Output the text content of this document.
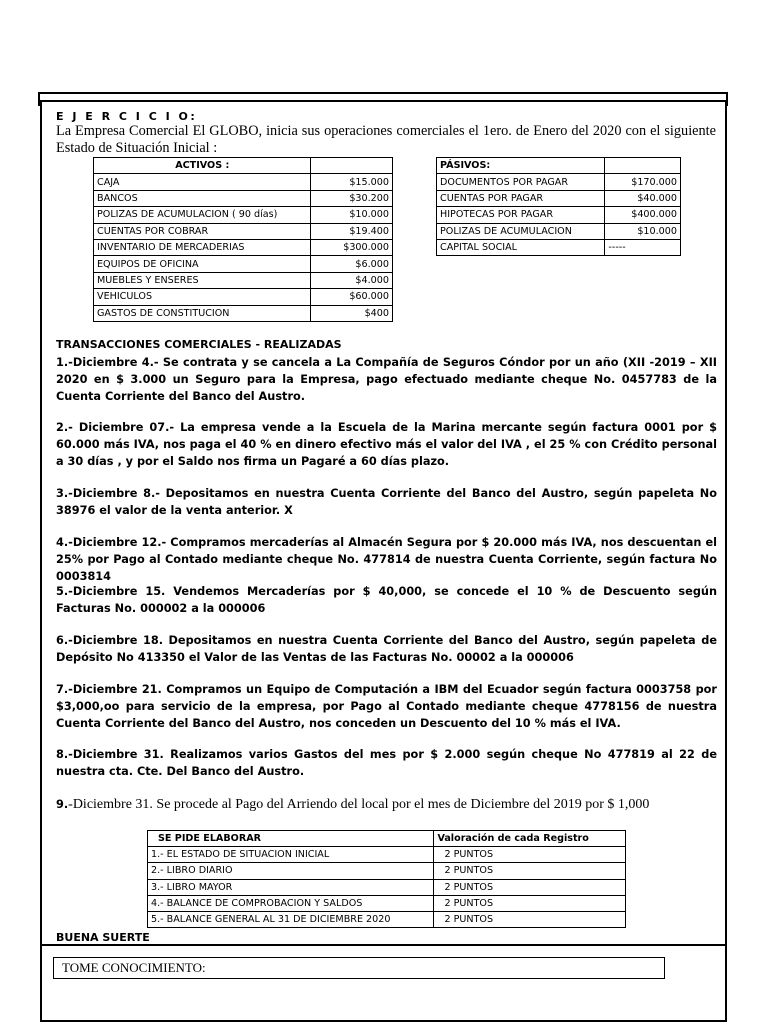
E J E R C I C I O:
La Empresa Comercial El GLOBO, inicia sus operaciones comerciales el 1ero. de Enero del 2020 con el siguiente Estado de Situación Inicial :
ACTIVOS :	
CAJA	$15.000
BANCOS	$30.200
POLIZAS DE ACUMULACION ( 90 días)	$10.000
CUENTAS POR COBRAR	$19.400
INVENTARIO DE MERCADERIAS	$300.000
EQUIPOS DE OFICINA	$6.000
MUEBLES Y ENSERES	$4.000
VEHICULOS	$60.000
GASTOS DE CONSTITUCION	$400
PÁSIVOS:	
DOCUMENTOS POR PAGAR	$170.000
CUENTAS POR PAGAR	$40.000
HIPOTECAS POR PAGAR	$400.000
POLIZAS DE ACUMULACION	$10.000
CAPITAL SOCIAL	-----
TRANSACCIONES COMERCIALES - REALIZADAS
1.-Diciembre 4.- Se contrata y se cancela a La Compañía de Seguros Cóndor por un año (XII -2019 – XII 2020 en $ 3.000 un Seguro para la Empresa, pago efectuado mediante cheque No. 0457783 de la Cuenta Corriente del Banco del Austro.
2.- Diciembre 07.- La empresa vende a la Escuela de la Marina mercante según factura 0001 por $ 60.000 más IVA, nos paga el 40 % en dinero efectivo más el valor del IVA , el 25 % con Crédito personal a 30 días , y por el Saldo nos firma un Pagaré a 60 días plazo.
3.-Diciembre 8.- Depositamos en nuestra Cuenta Corriente del Banco del Austro, según papeleta No 38976 el valor de la venta anterior. X
4.-Diciembre 12.- Compramos mercaderías al Almacén Segura por $ 20.000 más IVA, nos descuentan el 25% por Pago al Contado mediante cheque No. 477814 de nuestra Cuenta Corriente, según factura No 0003814
5.-Diciembre 15. Vendemos Mercaderías por $ 40,000, se concede el 10 % de Descuento según Facturas No. 000002 a la 000006
6.-Diciembre 18. Depositamos en nuestra Cuenta Corriente del Banco del Austro, según papeleta de Depósito No 413350 el Valor de las Ventas de las Facturas No. 00002 a la 000006
7.-Diciembre 21. Compramos un Equipo de Computación a IBM del Ecuador según factura 0003758 por $3,000,oo para servicio de la empresa, por Pago al Contado mediante cheque 4778156 de nuestra Cuenta Corriente del Banco del Austro, nos conceden un Descuento del 10 % más el IVA.
8.-Diciembre 31. Realizamos varios Gastos del mes por $ 2.000 según cheque No 477819 al 22 de nuestra cta. Cte. Del Banco del Austro.
9.-Diciembre 31. Se procede al Pago del Arriendo del local por el mes de Diciembre del 2019 por $ 1,000
SE PIDE ELABORAR	Valoración de cada Registro
1.- EL ESTADO DE SITUACION INICIAL	2 PUNTOS
2.- LIBRO DIARIO	2 PUNTOS
3.- LIBRO MAYOR	2 PUNTOS
4.- BALANCE DE COMPROBACION Y SALDOS	2 PUNTOS
5.- BALANCE GENERAL AL 31 DE DICIEMBRE 2020	2 PUNTOS
BUENA SUERTE
TOME CONOCIMIENTO:
